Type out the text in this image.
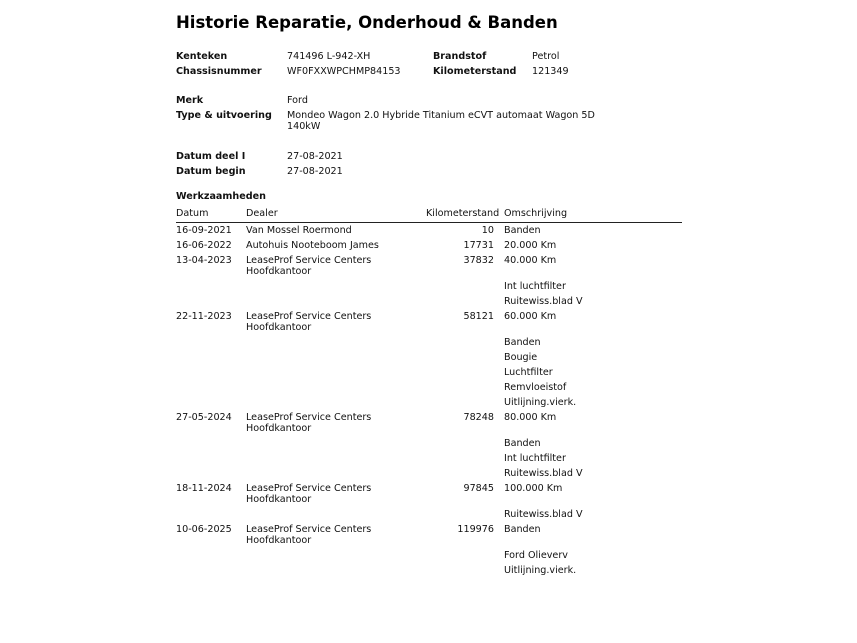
Historie Reparatie, Onderhoud & Banden
Kenteken	741496 L-942-XH	Brandstof	Petrol
Chassisnummer	WF0FXXWPCHMP84153	Kilometerstand 121349
Merk	Ford
Type & uitvoering Mondeo Wagon 2.0 Hybride Titanium eCVT automaat Wagon 5D
140kW
Datum deel I	27-08-2021
Datum begin	27-08-2021
Werkzaamheden
Datum	Dealer	Kilometerstand Omschrijving
16-09-2021 Van Mossel Roermond	10 Banden
16-06-2022 Autohuis Nooteboom James	17731 20.000 Km
13-04-2023 LeaseProf Service Centers
Hoofdkantoor
37832 40.000 Km
Int luchtfilter
Ruitewiss.blad V
22-11-2023 LeaseProf Service Centers
Hoofdkantoor
58121 60.000 Km
Banden
Bougie
Luchtfilter
Remvloeistof
Uitlijning.vierk.
27-05-2024 LeaseProf Service Centers
Hoofdkantoor
78248 80.000 Km
Banden
Int luchtfilter
Ruitewiss.blad V
18-11-2024 LeaseProf Service Centers
Hoofdkantoor
97845 100.000 Km
Ruitewiss.blad V
10-06-2025 LeaseProf Service Centers
Hoofdkantoor
119976 Banden
Ford Olieverv
Uitlijning.vierk.
